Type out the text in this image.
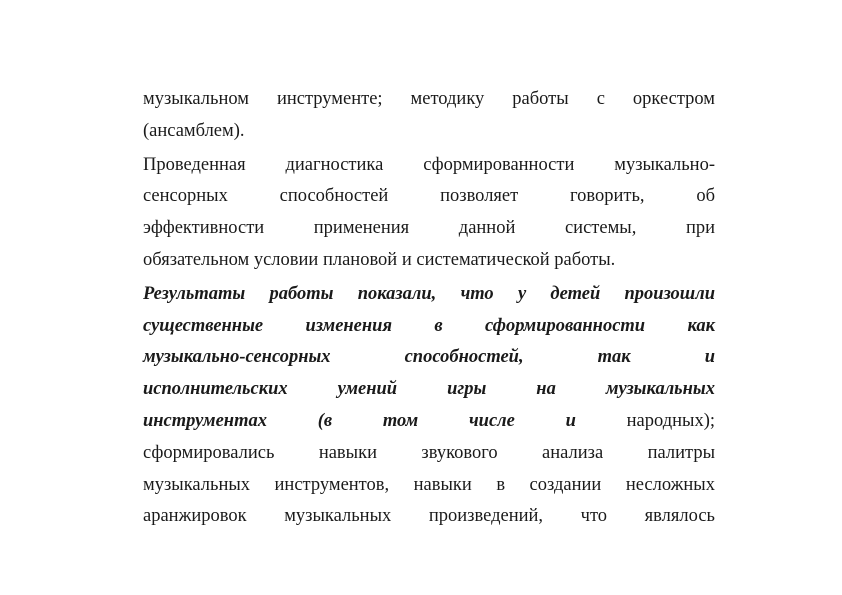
музыкальном инструменте; методику работы с оркестром
(ансамблем).
Проведенная диагностика сформированности музыкально-
сенсорных способностей позволяет говорить, об
эффективности применения данной системы, при
обязательном условии плановой и систематической работы.
Результаты работы показали, что у детей произошли
существенные изменения в сформированности как
музыкально-сенсорных способностей, так и
исполнительских умений игры на музыкальных
инструментах (в том числе и народных);
сформировались навыки звукового анализа палитры
музыкальных инструментов, навыки в создании несложных
аранжировок музыкальных произведений, что являлось
